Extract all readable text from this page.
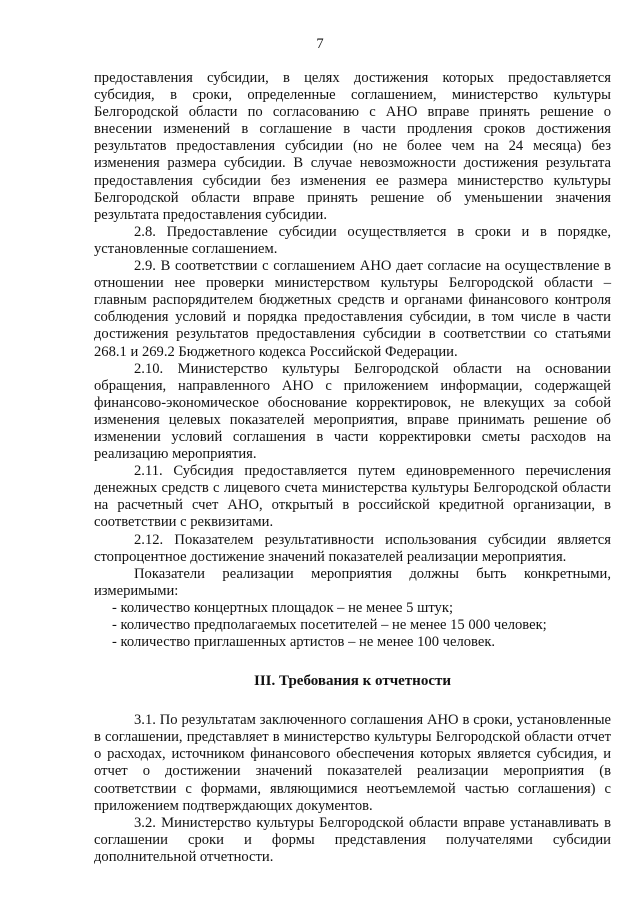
7

предоставления субсидии, в целях достижения которых предоставляется субсидия, в сроки, определенные соглашением, министерство культуры Белгородской области по согласованию с АНО вправе принять решение о внесении изменений в соглашение в части продления сроков достижения результатов предоставления субсидии (но не более чем на 24 месяца) без изменения размера субсидии. В случае невозможности достижения результата предоставления субсидии без изменения ее размера министерство культуры Белгородской области вправе принять решение об уменьшении значения результата предоставления субсидии.

2.8. Предоставление субсидии осуществляется в сроки и в порядке, установленные соглашением.

2.9. В соответствии с соглашением АНО дает согласие на осуществление в отношении нее проверки министерством культуры Белгородской области – главным распорядителем бюджетных средств и органами финансового контроля соблюдения условий и порядка предоставления субсидии, в том числе в части достижения результатов предоставления субсидии в соответствии со статьями 268.1 и 269.2 Бюджетного кодекса Российской Федерации.

2.10. Министерство культуры Белгородской области на основании обращения, направленного АНО с приложением информации, содержащей финансово-экономическое обоснование корректировок, не влекущих за собой изменения целевых показателей мероприятия, вправе принимать решение об изменении условий соглашения в части корректировки сметы расходов на реализацию мероприятия.

2.11. Субсидия предоставляется путем единовременного перечисления денежных средств с лицевого счета министерства культуры Белгородской области на расчетный счет АНО, открытый в российской кредитной организации, в соответствии с реквизитами.

2.12. Показателем результативности использования субсидии является стопроцентное достижение значений показателей реализации мероприятия.

Показатели реализации мероприятия должны быть конкретными, измеримыми:

- количество концертных площадок – не менее 5 штук;

- количество предполагаемых посетителей – не менее 15 000 человек;

- количество приглашенных артистов – не менее 100 человек.

III. Требования к отчетности

3.1. По результатам заключенного соглашения АНО в сроки, установленные в соглашении, представляет в министерство культуры Белгородской области отчет о расходах, источником финансового обеспечения которых является субсидия, и отчет о достижении значений показателей реализации мероприятия (в соответствии с формами, являющимися неотъемлемой частью соглашения) с приложением подтверждающих документов.

3.2. Министерство культуры Белгородской области вправе устанавливать в соглашении сроки и формы представления получателями субсидии дополнительной отчетности.
